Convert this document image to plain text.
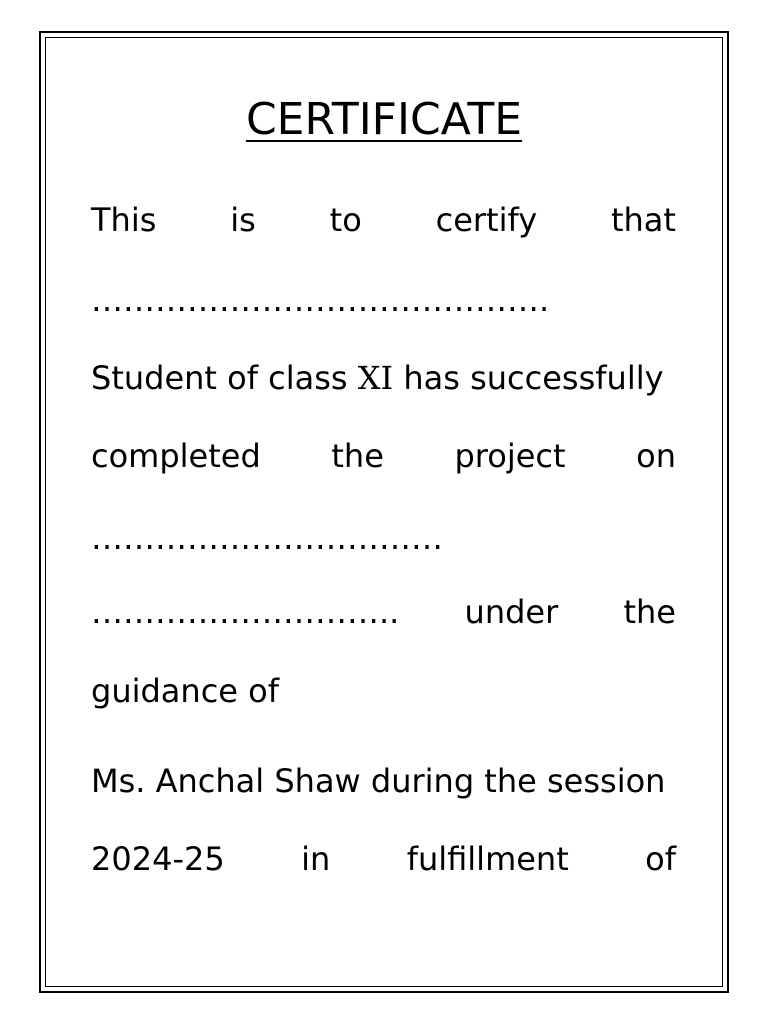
CERTIFICATE
This is to certify that
…………………………………….
Student of class XI has successfully
completed the project on
……………………………
……………………….. under the
guidance of
Ms. Anchal Shaw during the session
2024-25 in fulfillment of
